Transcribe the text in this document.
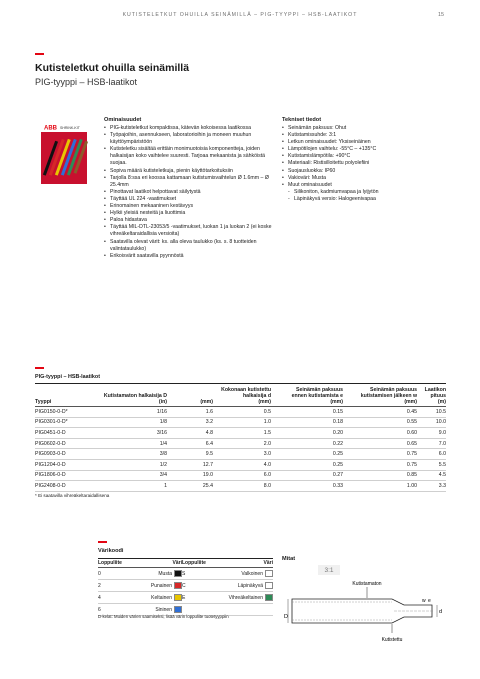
KUTISTELETKUT OHUILLA SEINÄMILLÄ – PIG-TYYPPI – HSB-LAATIKOT	15
Kutisteletkut ohuilla seinämillä
PIG-tyyppi – HSB-laatikot
ABB SHRINK-KIT
Ominaisuudet
• PIG-kutisteletkut kompaktissa, kätevän kokoisessa laatikossa
• Työpajoihin, asennukseen, laboratorioihin ja moneen muuhun käyttöympäristöön
• Kutisteletku sisältää erittäin monimuotoisia komponentteja, joiden halkaisijan koko vaihtelee suuresti. Tarjoaa mekaanista ja sähköistä suojaa.
• Sopiva määrä kutisteletkuja, pienin käyttötarkoituksiin
• Tarjolla 8:ssa eri koossa kattamaan kutistumisvaihtelun Ø 1.6mm – Ø 25.4mm
• Pinottavat laatikot helpottavat säilytystä
• Täyttää UL 224 -vaatimukset
• Erinomainen mekaaninen kestävyys
• Hylkii yleisiä nesteitä ja liuottimia
• Paloa hidastava
• Täyttää MIL-DTL-23053/5 -vaatimukset, luokan 1 ja luokan 2 (ei koske vihreäkeltaraidallisia versioita)
• Saatavilla olevat värit: ks. alla oleva taulukko (ks. s. 8 tuotteiden valintataulukko)
• Erikoisvärit saatavilla pyynnöstä
Tekniset tiedot
• Seinämän paksuus: Ohut
• Kutistamissuhde: 3:1
• Letkun ominaisuudet: Yksiseinäinen
• Lämpötilojen vaihtelu: -55°C – +135°C
• Kutistamislämpötila: +90°C
• Materiaali: Ristisilloitettu polyolefiini
• Suojausluokka: IP60
• Vakioväri: Musta
• Muut ominaisuudet
- Silikoniton, kadmiumvapaa ja lyijytön
- Läpinäkyvä versio: Halogeenivapaa
PIG-tyyppi – HSB-laatikot
Tyyppi	Kutistamaton halkaisija D
(in)	(mm)	Kokonaan kutistettu
halkaisija d
(mm)	Seinämän paksuus
ennen kutistamista e
(mm)	Seinämän paksuus
kutistamisen jälkeen w
(mm)	Laatikon
pituus
(m)
PIG0150-0-D*	1/16	1.6	0.5	0.15	0.45	10.5
PIG0301-0-D*	1/8	3.2	1.0	0.18	0.55	10.0
PIG0451-0-D	3/16	4.8	1.5	0.20	0.60	9.0
PIG0602-0-D	1/4	6.4	2.0	0.22	0.65	7.0
PIG0903-0-D	3/8	9.5	3.0	0.25	0.75	6.0
PIG1204-0-D	1/2	12.7	4.0	0.25	0.75	5.5
PIG1806-0-D	3/4	19.0	6.0	0.27	0.85	4.5
PIG2408-0-D	1	25.4	8.0	0.33	1.00	3.3
* Ei saatavilla vihreäkeltaraidallisena
Värikoodi
Loppuliite	Väri	Loppuliite	Väri
0	Musta	S	Valkoinen
2	Punainen	C	Läpinäkyvä
4	Keltainen	E	Vihreäkeltainen
6	Sininen		
D-kelat: Muiden värien saamiseksi, lisää värin loppuliite tuotetyyppiin
Mitat
3:1
Kutistamaton
D
d
w e
Kutistettu
